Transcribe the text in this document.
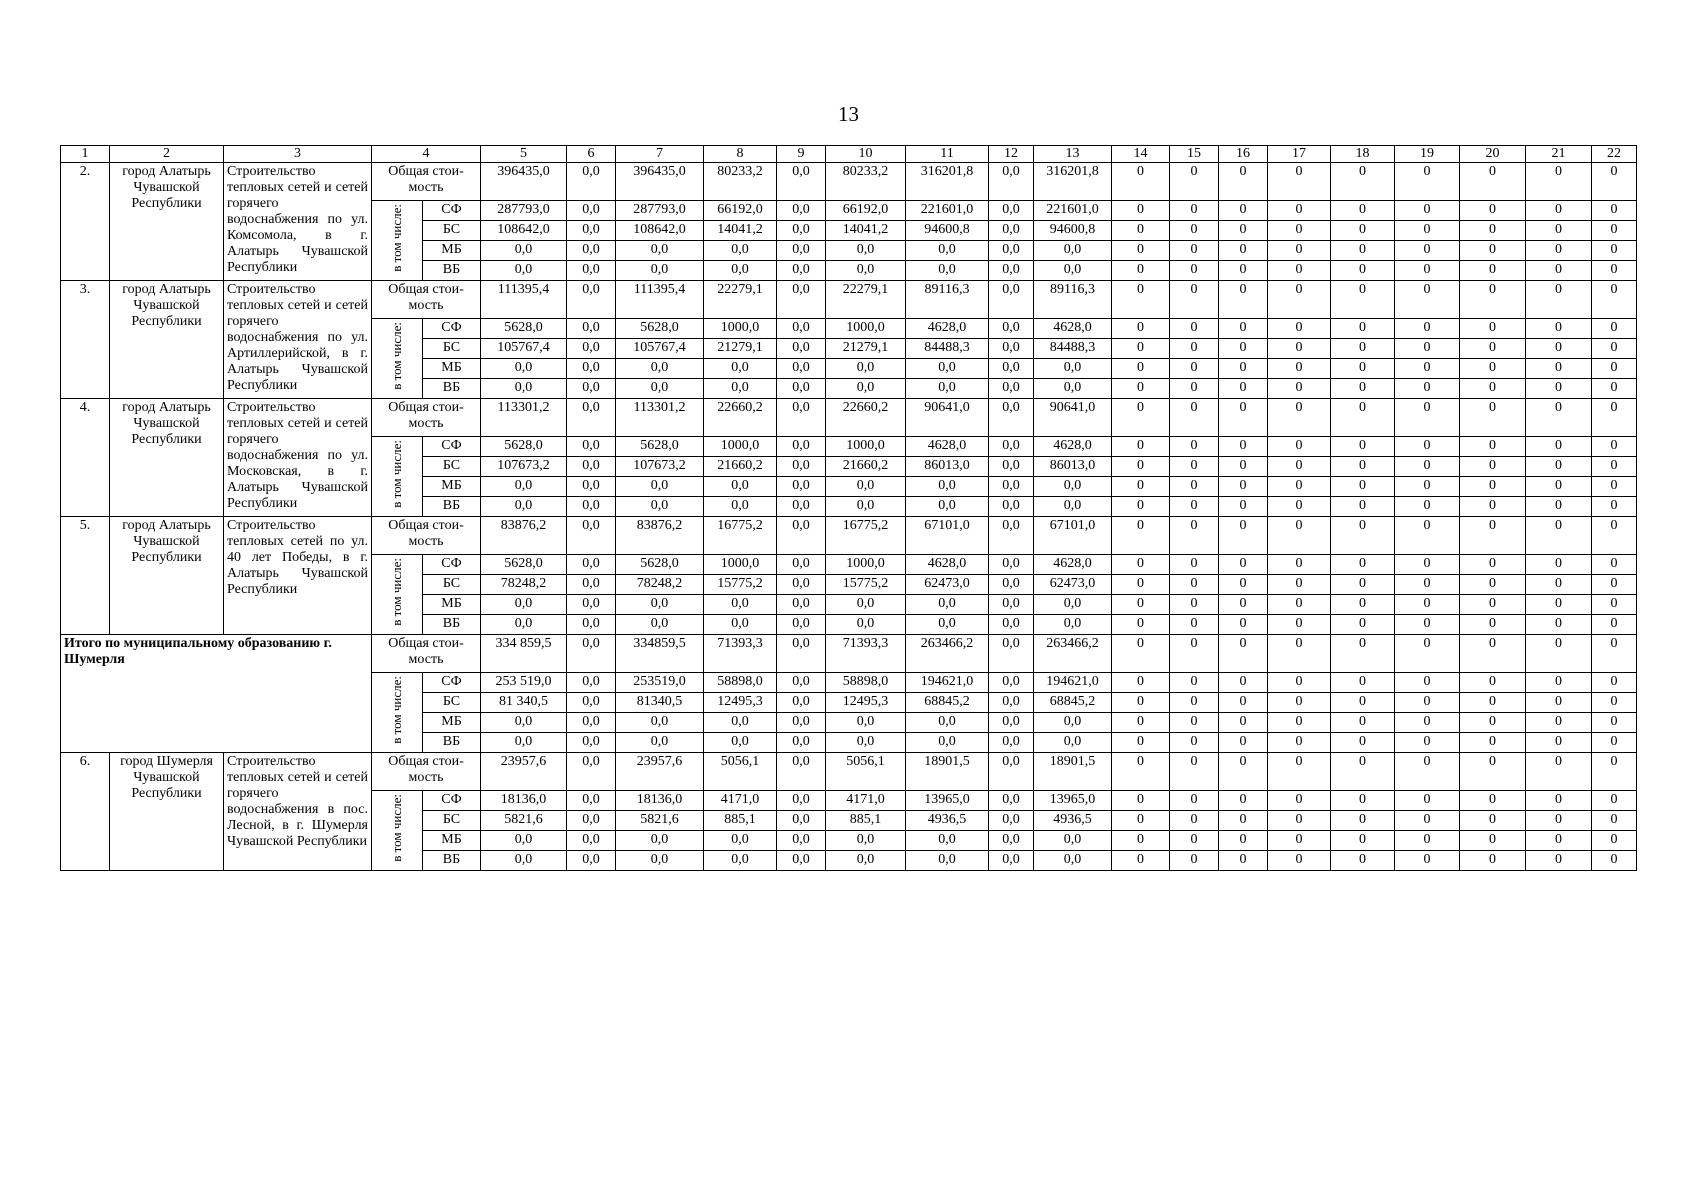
13
1	2	3	4		5	6	7	8	9	10	11	12	13	14	15	16	17	18	19	20	21	22
2.	город Алатырь Чувашской Республики	Строительство тепловых сетей и сетей горячего водоснабжения по ул. Комсомола, в г. Алатырь Чувашской Республики	Общая стои-мость		396435,0	0,0	396435,0	80233,2	0,0	80233,2	316201,8	0,0	316201,8	0	0	0	0	0	0	0	0	0
			в том числе:	СФ	287793,0	0,0	287793,0	66192,0	0,0	66192,0	221601,0	0,0	221601,0	0	0	0	0	0	0	0	0	0
				БС	108642,0	0,0	108642,0	14041,2	0,0	14041,2	94600,8	0,0	94600,8	0	0	0	0	0	0	0	0	0
				МБ	0,0	0,0	0,0	0,0	0,0	0,0	0,0	0,0	0,0	0	0	0	0	0	0	0	0	0
				ВБ	0,0	0,0	0,0	0,0	0,0	0,0	0,0	0,0	0,0	0	0	0	0	0	0	0	0	0
3.	город Алатырь Чувашской Республики	Строительство тепловых сетей и сетей горячего водоснабжения по ул. Артиллерийской, в г. Алатырь Чувашской Республики	Общая стои-мость		111395,4	0,0	111395,4	22279,1	0,0	22279,1	89116,3	0,0	89116,3	0	0	0	0	0	0	0	0	0
			в том числе:	СФ	5628,0	0,0	5628,0	1000,0	0,0	1000,0	4628,0	0,0	4628,0	0	0	0	0	0	0	0	0	0
				БС	105767,4	0,0	105767,4	21279,1	0,0	21279,1	84488,3	0,0	84488,3	0	0	0	0	0	0	0	0	0
				МБ	0,0	0,0	0,0	0,0	0,0	0,0	0,0	0,0	0,0	0	0	0	0	0	0	0	0	0
				ВБ	0,0	0,0	0,0	0,0	0,0	0,0	0,0	0,0	0,0	0	0	0	0	0	0	0	0	0
4.	город Алатырь Чувашской Республики	Строительство тепловых сетей и сетей горячего водоснабжения по ул. Московская, в г. Алатырь Чувашской Республики	Общая стои-мость		113301,2	0,0	113301,2	22660,2	0,0	22660,2	90641,0	0,0	90641,0	0	0	0	0	0	0	0	0	0
			в том числе:	СФ	5628,0	0,0	5628,0	1000,0	0,0	1000,0	4628,0	0,0	4628,0	0	0	0	0	0	0	0	0	0
				БС	107673,2	0,0	107673,2	21660,2	0,0	21660,2	86013,0	0,0	86013,0	0	0	0	0	0	0	0	0	0
				МБ	0,0	0,0	0,0	0,0	0,0	0,0	0,0	0,0	0,0	0	0	0	0	0	0	0	0	0
				ВБ	0,0	0,0	0,0	0,0	0,0	0,0	0,0	0,0	0,0	0	0	0	0	0	0	0	0	0
5.	город Алатырь Чувашской Республики	Строительство тепловых сетей по ул. 40 лет Победы, в г. Алатырь Чувашской Республики	Общая стои-мость		83876,2	0,0	83876,2	16775,2	0,0	16775,2	67101,0	0,0	67101,0	0	0	0	0	0	0	0	0	0
			в том числе:	СФ	5628,0	0,0	5628,0	1000,0	0,0	1000,0	4628,0	0,0	4628,0	0	0	0	0	0	0	0	0	0
				БС	78248,2	0,0	78248,2	15775,2	0,0	15775,2	62473,0	0,0	62473,0	0	0	0	0	0	0	0	0	0
				МБ	0,0	0,0	0,0	0,0	0,0	0,0	0,0	0,0	0,0	0	0	0	0	0	0	0	0	0
				ВБ	0,0	0,0	0,0	0,0	0,0	0,0	0,0	0,0	0,0	0	0	0	0	0	0	0	0	0
Итого по муниципальному образованию г. Шумерля			Общая стои-мость		334 859,5	0,0	334859,5	71393,3	0,0	71393,3	263466,2	0,0	263466,2	0	0	0	0	0	0	0	0	0
			в том числе:	СФ	253 519,0	0,0	253519,0	58898,0	0,0	58898,0	194621,0	0,0	194621,0	0	0	0	0	0	0	0	0	0
				БС	81 340,5	0,0	81340,5	12495,3	0,0	12495,3	68845,2	0,0	68845,2	0	0	0	0	0	0	0	0	0
				МБ	0,0	0,0	0,0	0,0	0,0	0,0	0,0	0,0	0,0	0	0	0	0	0	0	0	0	0
				ВБ	0,0	0,0	0,0	0,0	0,0	0,0	0,0	0,0	0,0	0	0	0	0	0	0	0	0	0
6.	город Шумерля Чувашской Республики	Строительство тепловых сетей и сетей горячего водоснабжения в пос. Лесной, в г. Шумерля Чувашской Республики	Общая стои-мость		23957,6	0,0	23957,6	5056,1	0,0	5056,1	18901,5	0,0	18901,5	0	0	0	0	0	0	0	0	0
			в том числе:	СФ	18136,0	0,0	18136,0	4171,0	0,0	4171,0	13965,0	0,0	13965,0	0	0	0	0	0	0	0	0	0
				БС	5821,6	0,0	5821,6	885,1	0,0	885,1	4936,5	0,0	4936,5	0	0	0	0	0	0	0	0	0
				МБ	0,0	0,0	0,0	0,0	0,0	0,0	0,0	0,0	0,0	0	0	0	0	0	0	0	0	0
				ВБ	0,0	0,0	0,0	0,0	0,0	0,0	0,0	0,0	0,0	0	0	0	0	0	0	0	0	0
